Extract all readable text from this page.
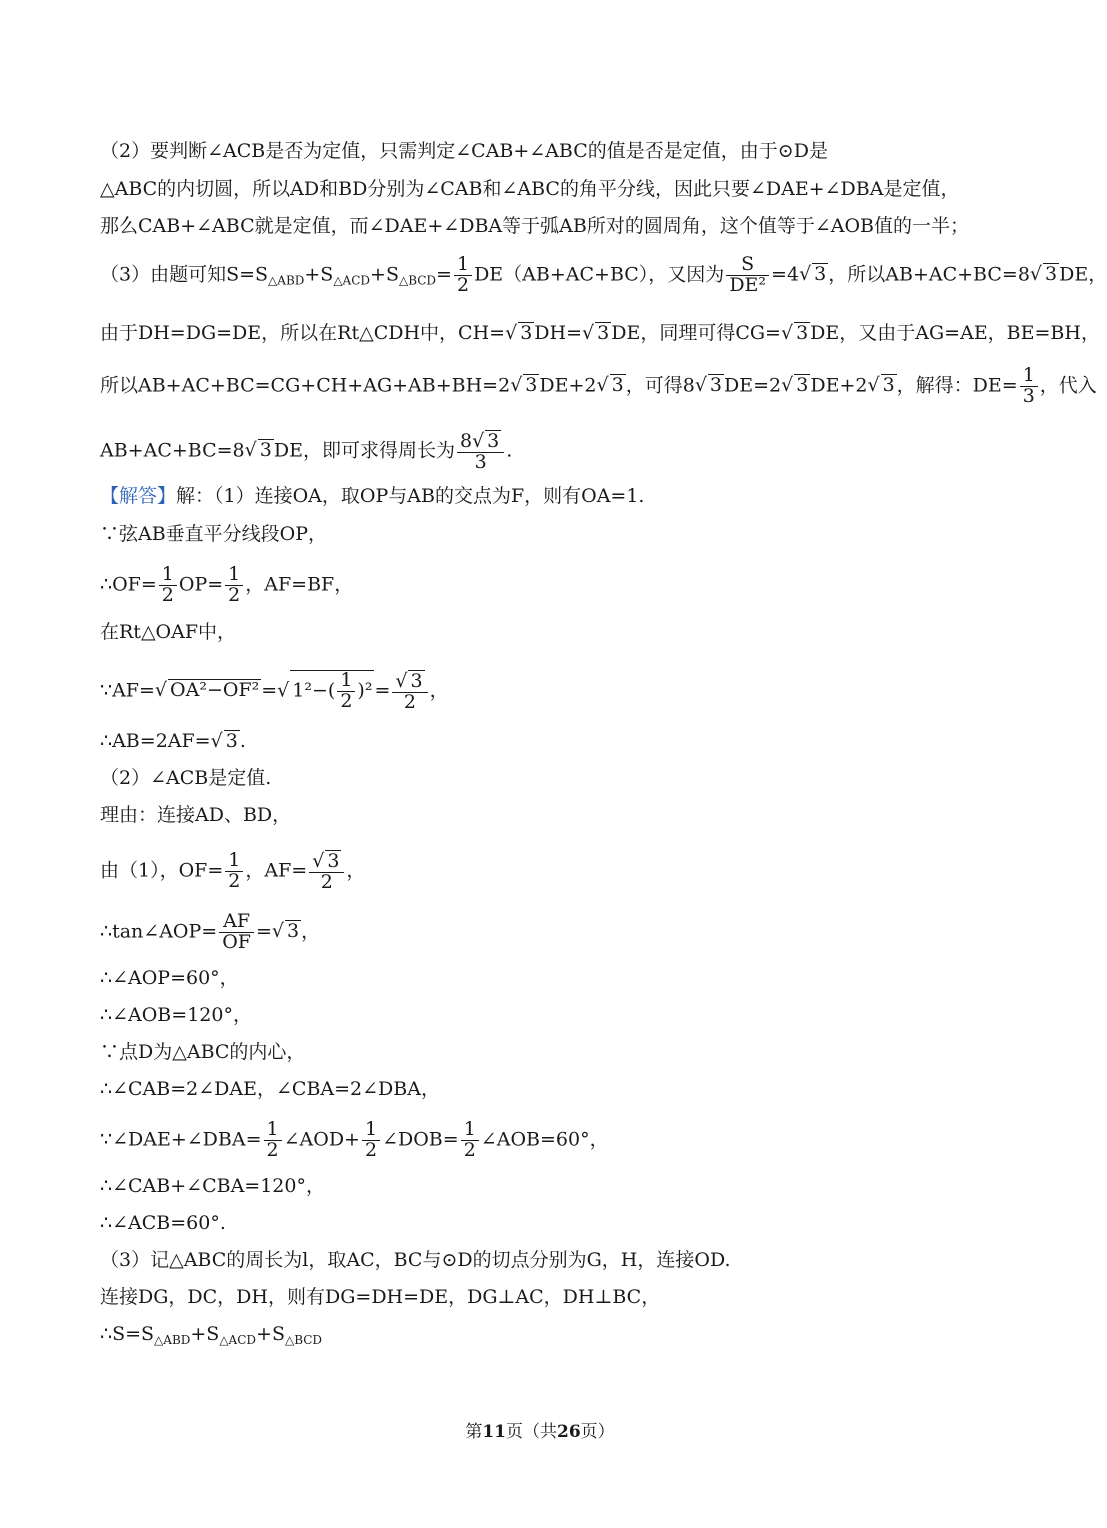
（2）要判断∠ACB是否为定值，只需判定∠CAB+∠ABC的值是否是定值，由于⊙D是
△ABC的内切圆，所以AD和BD分别为∠CAB和∠ABC的角平分线，因此只要∠DAE+∠DBA是定值，
那么CAB+∠ABC就是定值，而∠DAE+∠DBA等于弧AB所对的圆周角，这个值等于∠AOB值的一半；
（3）由题可知$S=S_{\triangle ABD}+S_{\triangle ACD}+S_{\triangle BCD}= \frac{1}{2} DE(AB+AC+BC)$，又因为 $\frac{S}{\text{DE²}} =4√$ 3 ，所以AB+AC+BC=8√ 3 DE，
由于DH=DG=DE，所以在Rt△CDH中，CH=√ 3 DH=√ 3 DE，同理可得CG=√ 3 DE，又由于AG=AE，BE=BH，
所以AB+AC+BC=CG+CH+AG+AB+BH=2√ 3 DE+2√ 3 ，可得8√ 3 DE=2√ 3 DE+2√ 3 ，解得：$DE= \frac{1}{3}$ ，代入
AB+AC+BC=8√ 3 DE，即可求得周长为 $\frac{8√ 3}{3}$ .
【解答】解：（1）连接OA，取OP与AB的交点为F，则有OA=1.
∵弦AB垂直平分线段OP，
∴OF= $\frac{1}{2} OP= \frac{1}{2}$ ，AF=BF，
在Rt△OAF中，
∵AF=√ OA²−OF² =√ $1^2-( \frac{1}{2} )^2 = \frac{√ 3}{2}$ ，
∴AB=2AF=√ 3 .
（2）∠ACB是定值.
理由：连接AD、BD，
由（1），$OF= \frac{1}{2}$ ，$AF= \frac{√ 3}{2}$ ，
∴tan∠AOP= $\frac{AF}{OF}$ =√ 3 ，
∴∠AOP=60°，
∴∠AOB=120°，
∵点D为△ABC的内心，
∴∠CAB=2∠DAE，∠CBA=2∠DBA，
∵∠DAE+∠DBA= $\frac{1}{2}$ ∠AOD+ $\frac{1}{2}$ ∠DOB= $\frac{1}{2}$ ∠AOB=60°，
∴∠CAB+∠CBA=120°，
∴∠ACB=60°.
（3）记△ABC的周长为l，取AC，BC与⊙D的切点分别为G，H，连接OD.
连接DG，DC，DH，则有DG=DH=DE，DG⊥AC，DH⊥BC，
$\therefore S=S_{\triangle ABD}+S_{\triangle ACD}+S_{\triangle BCD}$
第11页（共26页）
